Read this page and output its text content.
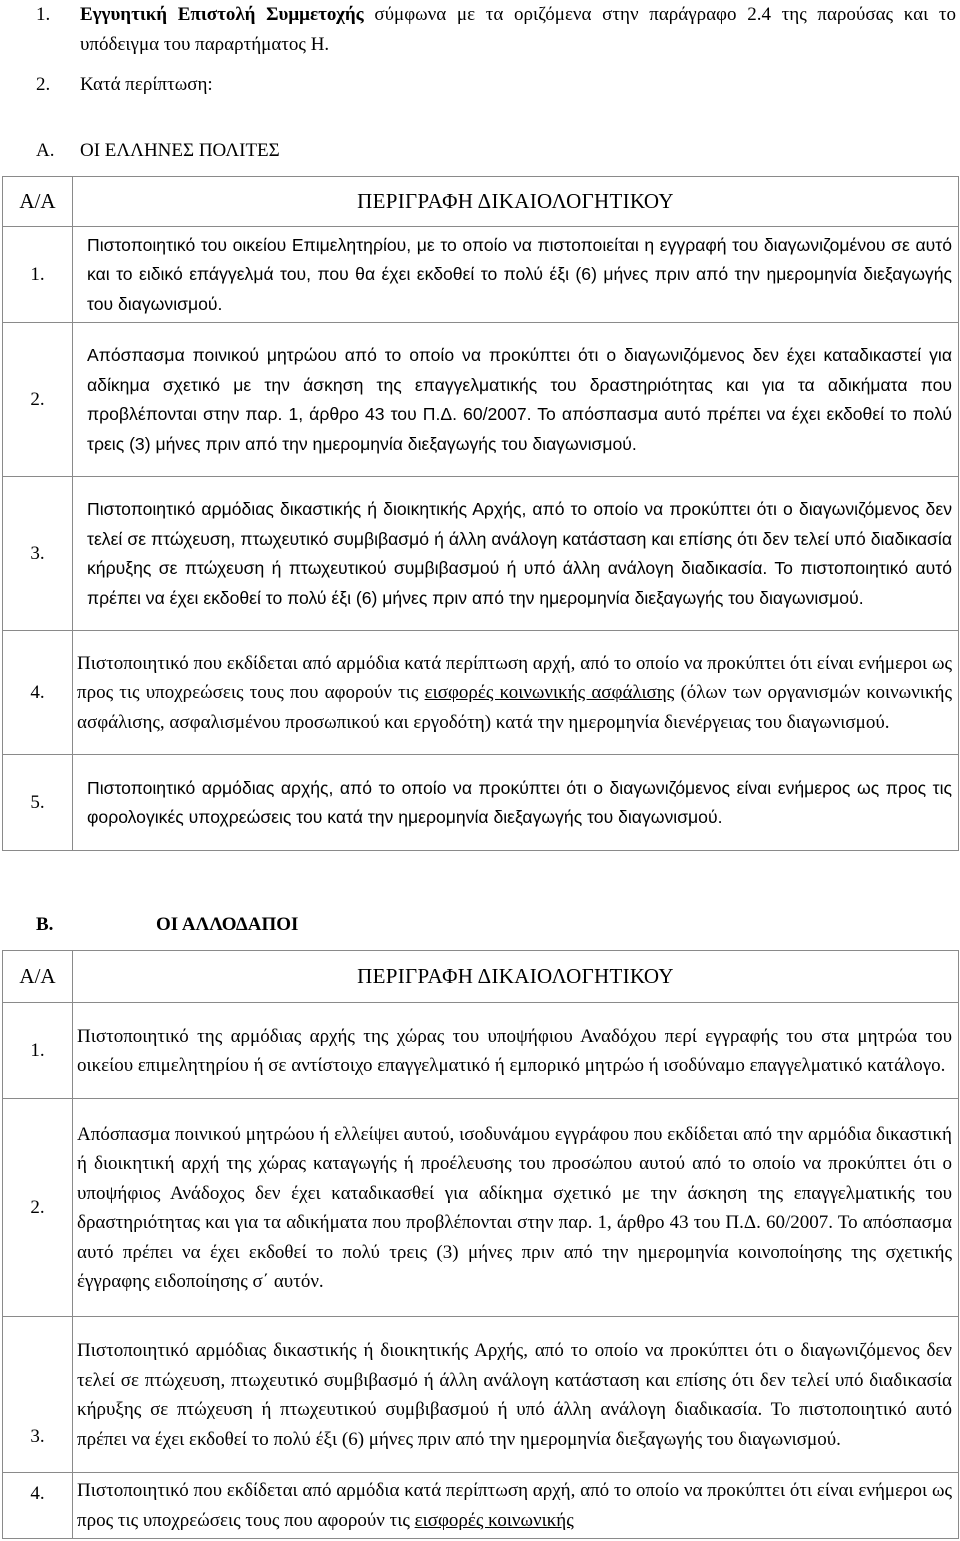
1. Εγγυητική Επιστολή Συμμετοχής σύμφωνα με τα οριζόμενα στην παράγραφο 2.4 της παρούσας και το υπόδειγμα του παραρτήματος Η.
2. Κατά περίπτωση:
Α. ΟΙ ΕΛΛΗΝΕΣ ΠΟΛΙΤΕΣ
Α/Α	ΠΕΡΙΓΡΑΦΗ ΔΙΚΑΙΟΛΟΓΗΤΙΚΟΥ
1.	Πιστοποιητικό του οικείου Επιμελητηρίου, με το οποίο να πιστοποιείται η εγγραφή του διαγωνιζομένου σε αυτό και το ειδικό επάγγελμά του, που θα έχει εκδοθεί το πολύ έξι (6) μήνες πριν από την ημερομηνία διεξαγωγής του διαγωνισμού.

2.	Απόσπασμα ποινικού μητρώου από το οποίο να προκύπτει ότι ο διαγωνιζόμενος δεν έχει καταδικαστεί για αδίκημα σχετικό με την άσκηση της επαγγελματικής του δραστηριότητας και για τα αδικήματα που προβλέπονται στην παρ. 1, άρθρο 43 του Π.Δ. 60/2007. Το απόσπασμα αυτό πρέπει να έχει εκδοθεί το πολύ τρεις (3) μήνες πριν από την ημερομηνία διεξαγωγής του διαγωνισμού.

3.	Πιστοποιητικό αρμόδιας δικαστικής ή διοικητικής Αρχής, από το οποίο να προκύπτει ότι ο διαγωνιζόμενος δεν τελεί σε πτώχευση, πτωχευτικό συμβιβασμό ή άλλη ανάλογη κατάσταση και επίσης ότι δεν τελεί υπό διαδικασία κήρυξης σε πτώχευση ή πτωχευτικού συμβιβασμού ή υπό άλλη ανάλογη διαδικασία. Το πιστοποιητικό αυτό πρέπει να έχει εκδοθεί το πολύ έξι (6) μήνες πριν από την ημερομηνία διεξαγωγής του διαγωνισμού.

4.	Πιστοποιητικό που εκδίδεται από αρμόδια κατά περίπτωση αρχή, από το οποίο να προκύπτει ότι είναι ενήμεροι ως προς τις υποχρεώσεις τους που αφορούν τις εισφορές κοινωνικής ασφάλισης (όλων των οργανισμών κοινωνικής ασφάλισης, ασφαλισμένου προσωπικού και εργοδότη) κατά την ημερομηνία διενέργειας του διαγωνισμού.

5.	Πιστοποιητικό αρμόδιας αρχής, από το οποίο να προκύπτει ότι ο διαγωνιζόμενος είναι ενήμερος ως προς τις φορολογικές υποχρεώσεις του κατά την ημερομηνία διεξαγωγής του διαγωνισμού.
Β.	ΟΙ ΑΛΛΟΔΑΠΟΙ
Α/Α	ΠΕΡΙΓΡΑΦΗ ΔΙΚΑΙΟΛΟΓΗΤΙΚΟΥ
1.	Πιστοποιητικό της αρμόδιας αρχής της χώρας του υποψήφιου Αναδόχου περί εγγραφής του στα μητρώα του οικείου επιμελητηρίου ή σε αντίστοιχο επαγγελματικό ή εμπορικό μητρώο ή ισοδύναμο επαγγελματικό κατάλογο.

2.	Απόσπασμα ποινικού μητρώου ή ελλείψει αυτού, ισοδυνάμου εγγράφου που εκδίδεται από την αρμόδια δικαστική ή διοικητική αρχή της χώρας καταγωγής ή προέλευσης του προσώπου αυτού από το οποίο να προκύπτει ότι ο υποψήφιος Ανάδοχος δεν έχει καταδικασθεί για αδίκημα σχετικό με την άσκηση της επαγγελματικής του δραστηριότητας και για τα αδικήματα που προβλέπονται στην παρ. 1, άρθρο 43 του Π.Δ. 60/2007. Το απόσπασμα αυτό πρέπει να έχει εκδοθεί το πολύ τρεις (3) μήνες πριν από την ημερομηνία κοινοποίησης της σχετικής έγγραφης ειδοποίησης σ΄ αυτόν.

3.	Πιστοποιητικό αρμόδιας δικαστικής ή διοικητικής Αρχής, από το οποίο να προκύπτει ότι ο διαγωνιζόμενος δεν τελεί σε πτώχευση, πτωχευτικό συμβιβασμό ή άλλη ανάλογη κατάσταση και επίσης ότι δεν τελεί υπό διαδικασία κήρυξης σε πτώχευση ή πτωχευτικού συμβιβασμού ή υπό άλλη ανάλογη διαδικασία. Το πιστοποιητικό αυτό πρέπει να έχει εκδοθεί το πολύ έξι (6) μήνες πριν από την ημερομηνία διεξαγωγής του διαγωνισμού.

4.	Πιστοποιητικό που εκδίδεται από αρμόδια κατά περίπτωση αρχή, από το οποίο να προκύπτει ότι είναι ενήμεροι ως προς τις υποχρεώσεις τους που αφορούν τις εισφορές κοινωνικής
